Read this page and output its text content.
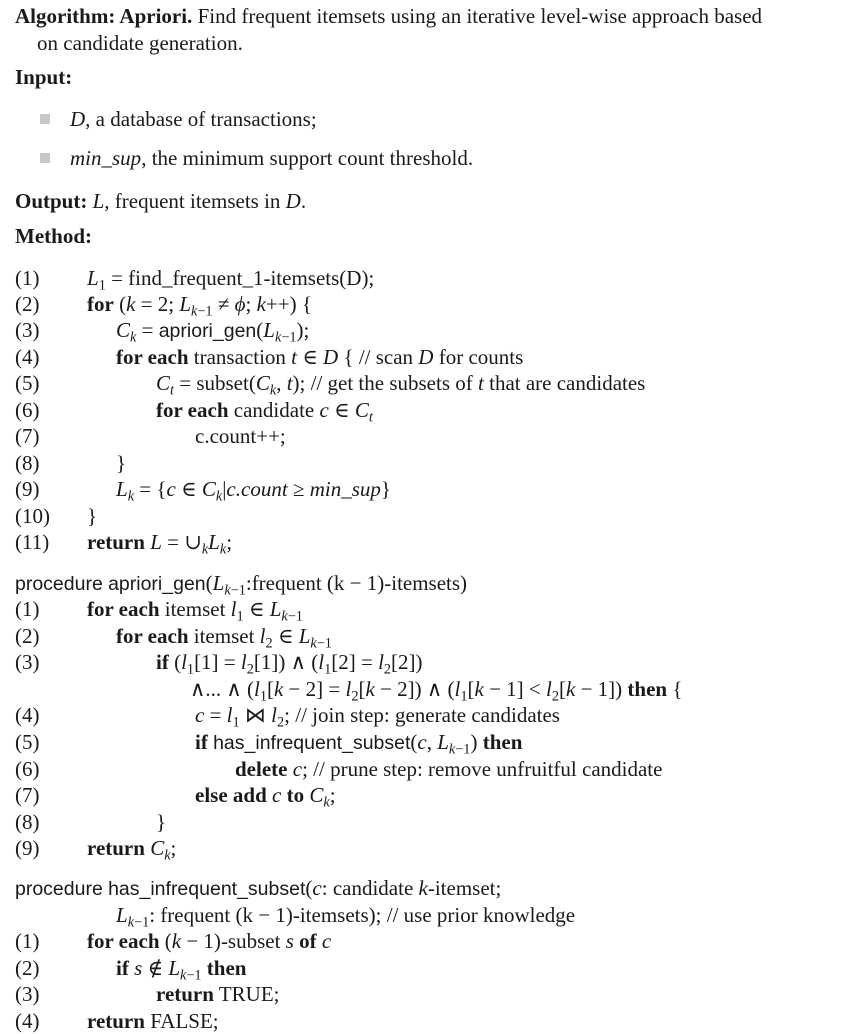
Algorithm: Apriori. Find frequent itemsets using an iterative level-wise approach based
on candidate generation.
Input:
D, a database of transactions;
min_sup, the minimum support count threshold.
Output: L, frequent itemsets in D.
Method:
(1)
(2)
(3)
(4)
(5)
(6)
(7)
(8)
(9)
(10)
(11)
$L_1$ = find_frequent_1-itemsets(D);
for (k = 2; $L_{k-1} \ne \phi$; k++) {
$C_k$ = $apriori\_gen(L_{k-1})$;
for each transaction t ∈ D { // scan D for counts
$C_t$ = $subset(C_k$, t); // get the subsets of t that are candidates
for each candidate c ∈ $C_t$
c.count++;
}
$L_k = \{c$ ∈ $C_k|c.count$ ≥ min_sup}
}
return $L = \cup_kL_k$;
procedure $apriori\_gen(L_{k-1}:frequent$ (k − 1)-itemsets)
(1)
(2)
(3)
(4)
(5)
(6)
(7)
(8)
(9)
for each itemset $l_1$ ∈ $L_{k-1}$
for each itemset $l_2$ ∈ $L_{k-1}$
if $(l_1[1] = l_2[1])$ ∧ $(l_1[2] = l_2[2])$
∧... ∧ $(l_1[k - 2] = l_2[k - 2])$ ∧ $(l_1[k - 1] < l_2[k - 1])$ then {
$c = l_1$ ⋈ $l_2$; // join step: generate candidates
if has_infrequent_subset(c, $L_{k-1}$) then
delete c; // prune step: remove unfruitful candidate
else add c to $C_k$;
}
return $C_k$;
procedure has_infrequent_subset(c: candidate k-itemset;
$L_{k-1}$: frequent (k − 1)-itemsets); // use prior knowledge
(1)
(2)
(3)
(4)
for each (k − 1)-subset s of c
if s ∉ $L_{k-1}$ then
return TRUE;
return FALSE;
